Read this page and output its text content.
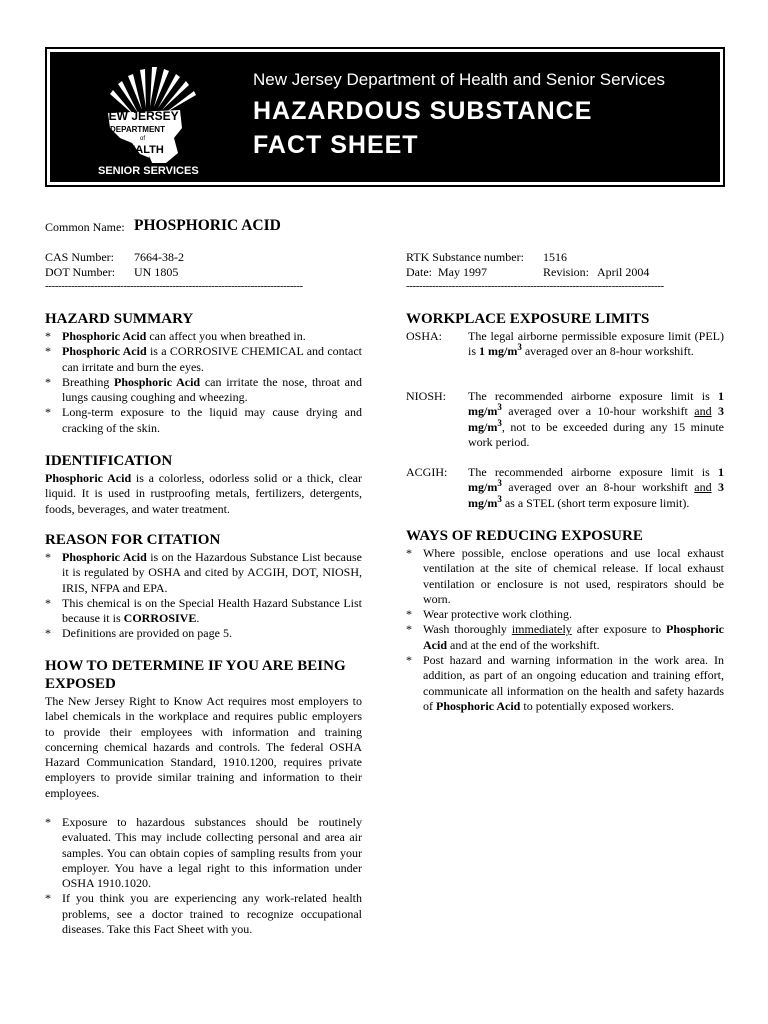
NEW JERSEY
DEPARTMENT
of
HEALTH
and
SENIOR SERVICES
New Jersey Department of Health and Senior Services
HAZARDOUS SUBSTANCE
FACT SHEET
Common Name: PHOSPHORIC ACID
CAS Number: 7664-38-2
DOT Number: UN 1805
-------------------------------------------------------------------------------
RTK Substance number: 1516
Date: May 1997	Revision: April 2004
-------------------------------------------------------------------------------
HAZARD SUMMARY
* Phosphoric Acid can affect you when breathed in.
* Phosphoric Acid is a CORROSIVE CHEMICAL and contact can irritate and burn the eyes.
* Breathing Phosphoric Acid can irritate the nose, throat and lungs causing coughing and wheezing.
* Long-term exposure to the liquid may cause drying and cracking of the skin.
IDENTIFICATION

Phosphoric Acid is a colorless, odorless solid or a thick, clear liquid. It is used in rustproofing metals, fertilizers, detergents, foods, beverages, and water treatment.

REASON FOR CITATION
* Phosphoric Acid is on the Hazardous Substance List because it is regulated by OSHA and cited by ACGIH, DOT, NIOSH, IRIS, NFPA and EPA.
* This chemical is on the Special Health Hazard Substance List because it is CORROSIVE.
* Definitions are provided on page 5.
HOW TO DETERMINE IF YOU ARE BEING EXPOSED

The New Jersey Right to Know Act requires most employers to label chemicals in the workplace and requires public employers to provide their employees with information and training concerning chemical hazards and controls. The federal OSHA Hazard Communication Standard, 1910.1200, requires private employers to provide similar training and information to their employees.

* Exposure to hazardous substances should be routinely evaluated. This may include collecting personal and area air samples. You can obtain copies of sampling results from your employer. You have a legal right to this information under OSHA 1910.1020.
* If you think you are experiencing any work-related health problems, see a doctor trained to recognize occupational diseases. Take this Fact Sheet with you.
WORKPLACE EXPOSURE LIMITS
OSHA:	The legal airborne permissible exposure limit (PEL) is 1 $mg/m^3$ averaged over an 8-hour workshift.
NIOSH:	The recommended airborne exposure limit is 1 $mg/m^3$ averaged over a 10-hour workshift and 3 $mg/m^3$, not to be exceeded during any 15 minute work period.
ACGIH:	The recommended airborne exposure limit is 1 $mg/m^3$ averaged over an 8-hour workshift and 3 $mg/m^3$ as a STEL (short term exposure limit).
WAYS OF REDUCING EXPOSURE
* Where possible, enclose operations and use local exhaust ventilation at the site of chemical release. If local exhaust ventilation or enclosure is not used, respirators should be worn.
* Wear protective work clothing.
* Wash thoroughly immediately after exposure to Phosphoric Acid and at the end of the workshift.
* Post hazard and warning information in the work area. In addition, as part of an ongoing education and training effort, communicate all information on the health and safety hazards of Phosphoric Acid to potentially exposed workers.
